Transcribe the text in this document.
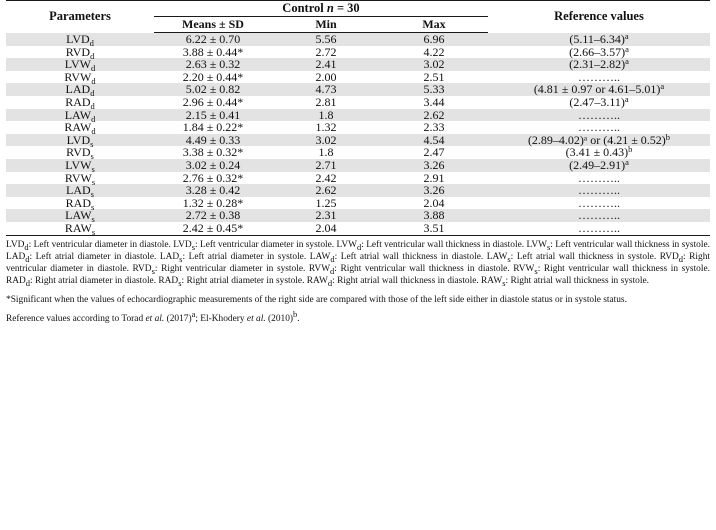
Parameters	Control n = 30			Reference values
	Means ± SD	Min	Max	
$LVD_d$	6.22 ± 0.70	5.56	6.96	$(5.11-6.34)^a$
$RVD_d$	3.88 ± 0.44*	2.72	4.22	$(2.66-3.57)^a$
$LVW_d$	2.63 ± 0.32	2.41	3.02	$(2.31-2.82)^a$
$RVW_d$	2.20 ± 0.44*	2.00	2.51	………..
$LAD_d$	5.02 ± 0.82	4.73	5.33	(4.81 ± 0.97 or 4.61–5.01)$^a$
$RAD_d$	2.96 ± 0.44*	2.81	3.44	$(2.47-3.11)^a$
$LAW_d$	2.15 ± 0.41	1.8	2.62	………..
$RAW_d$	1.84 ± 0.22*	1.32	2.33	………..
$LVD_s$	4.49 ± 0.33	3.02	4.54	(2.89–4.02)ᵃ or $(4.21 \pm 0.52)^b$
$RVD_s$	3.38 ± 0.32*	1.8	2.47	$(3.41 \pm 0.43)^b$
$LVW_s$	3.02 ± 0.24	2.71	3.26	$(2.49-2.91)^a$
$RVW_s$	2.76 ± 0.32*	2.42	2.91	………..
$LAD_s$	3.28 ± 0.42	2.62	3.26	………..
$RAD_s$	1.32 ± 0.28*	1.25	2.04	………..
$LAW_s$	2.72 ± 0.38	2.31	3.88	………..
$RAW_s$	2.42 ± 0.45*	2.04	3.51	………..
$LVD_d$: Left ventricular diameter in diastole. $LVD_s$: Left ventricular diameter in systole. $LVW_d$: Left ventricular wall thickness in diastole. $LVW_s$: Left ventricular wall thickness in systole. $LAD_d$: Left atrial diameter in diastole. $LAD_s$: Left atrial diameter in systole. $LAW_d$: Left atrial wall thickness in diastole. $LAW_s$: Left atrial wall thickness in systole. $RVD_d$: Right ventricular diameter in diastole. $RVD_s$: Right ventricular diameter in systole. $RVW_d$: Right ventricular wall thickness in diastole. $RVW_s$: Right ventricular wall thickness in systole. $RAD_d$: Right atrial diameter in diastole. $RAD_s$: Right atrial diameter in systole. $RAW_d$: Right atrial wall thickness in diastole. $RAW_s$: Right atrial wall thickness in systole.
*Significant when the values of echocardiographic measurements of the right side are compared with those of the left side either in diastole status or in systole status.
Reference values according to Torad et al. $(2017)^a$; El-Khodery et al. $(2010)^b$.
